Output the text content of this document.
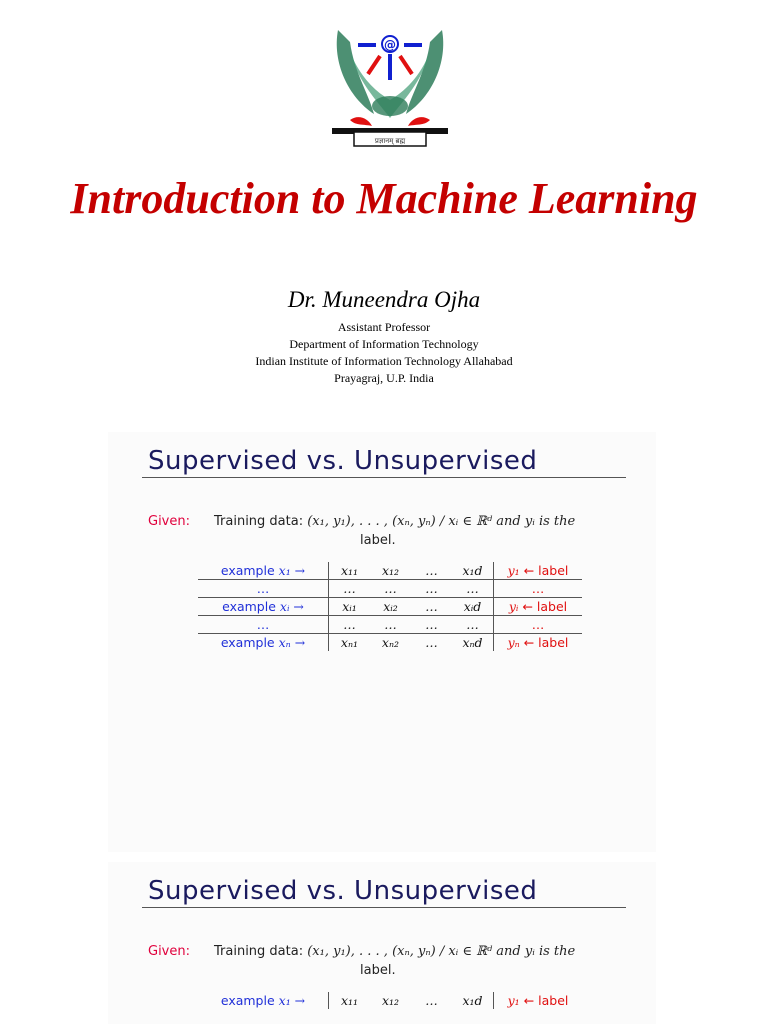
@
प्रज्ञानम् ब्रह्म
Introduction to Machine Learning
Dr. Muneendra Ojha
Assistant Professor
Department of Information Technology
Indian Institute of Information Technology Allahabad
Prayagraj, U.P. India
Supervised vs. Unsupervised
Given: Training data: (x₁, y₁), . . . , (xₙ, yₙ) / xᵢ ∈ ℝᵈ and yᵢ is the
label.
example x₁ →	x₁₁	x₁₂	…	x₁d	y₁ ← label
…	…	…	…	…	…
example xᵢ →	xᵢ₁	xᵢ₂	…	xᵢd	yᵢ ← label
…	…	…	…	…	…
example xₙ →	xₙ₁	xₙ₂	…	xₙd	yₙ ← label
Supervised vs. Unsupervised
Given: Training data: (x₁, y₁), . . . , (xₙ, yₙ) / xᵢ ∈ ℝᵈ and yᵢ is the
label.
example x₁ →	x₁₁	x₁₂	…	x₁d	y₁ ← label
